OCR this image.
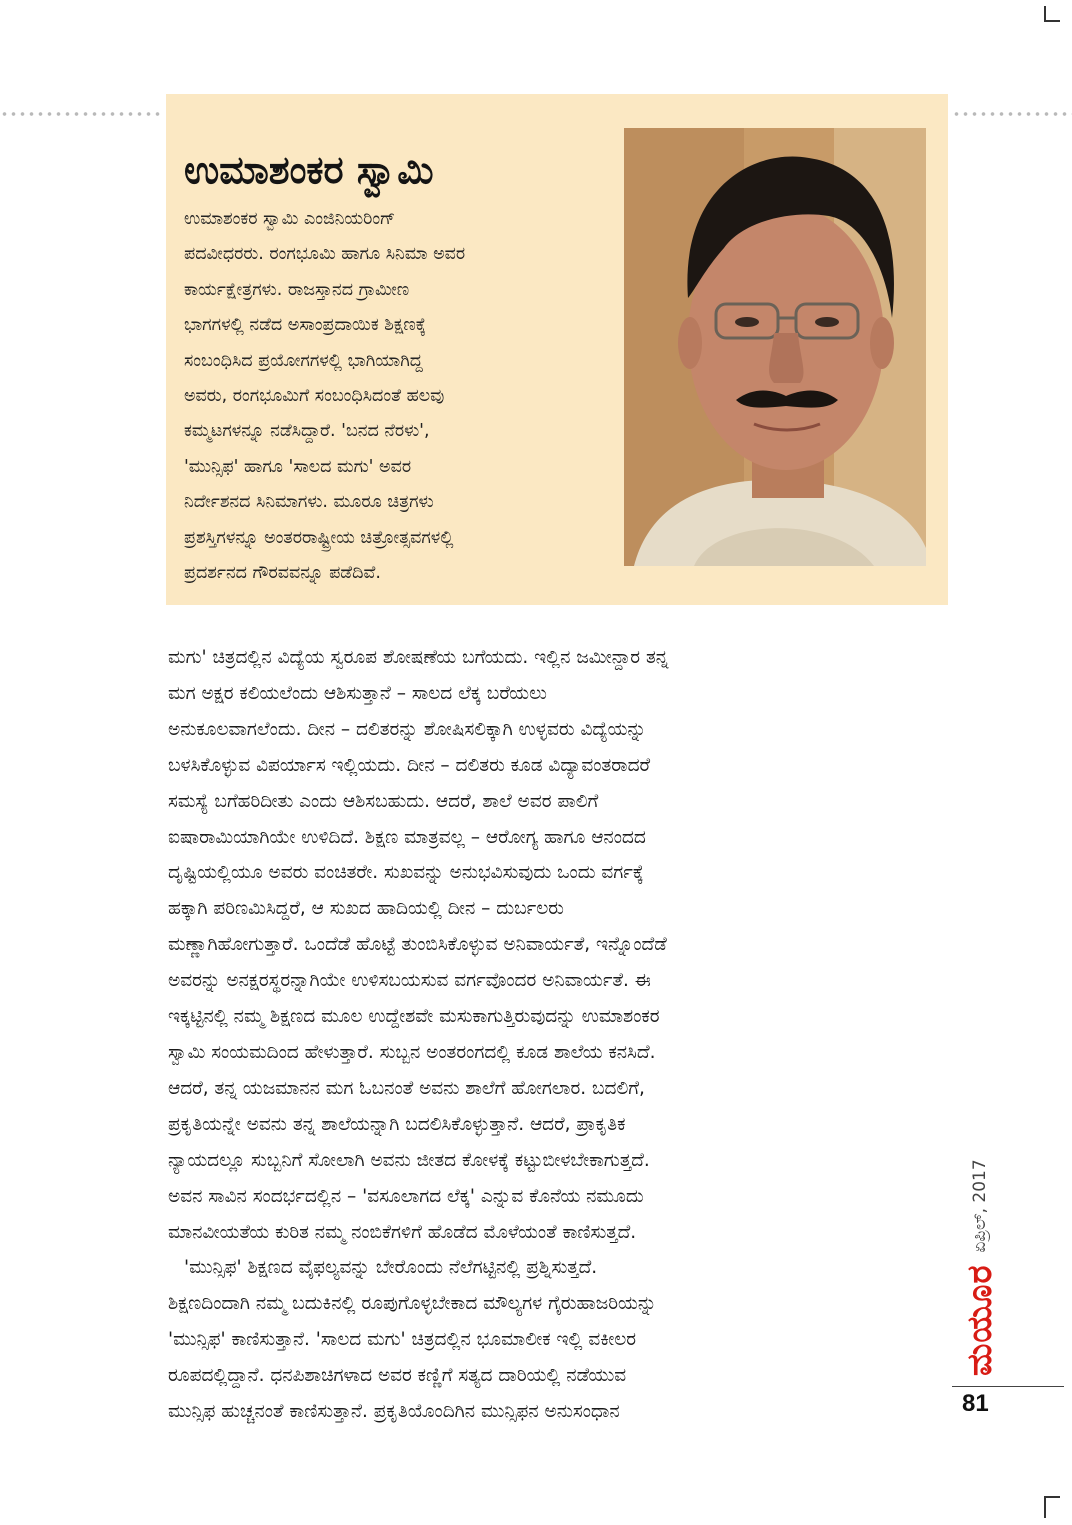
ಉಮಾಶಂಕರ ಸ್ವಾಮಿ

ಉಮಾಶಂಕರ ಸ್ವಾಮಿ ಎಂಜಿನಿಯರಿಂಗ್
ಪದವೀಧರರು. ರಂಗಭೂಮಿ ಹಾಗೂ ಸಿನಿಮಾ ಅವರ
ಕಾರ್ಯಕ್ಷೇತ್ರಗಳು. ರಾಜಸ್ತಾನದ ಗ್ರಾಮೀಣ
ಭಾಗಗಳಲ್ಲಿ ನಡೆದ ಅಸಾಂಪ್ರದಾಯಿಕ ಶಿಕ್ಷಣಕ್ಕೆ
ಸಂಬಂಧಿಸಿದ ಪ್ರಯೋಗಗಳಲ್ಲಿ ಭಾಗಿಯಾಗಿದ್ದ
ಅವರು, ರಂಗಭೂಮಿಗೆ ಸಂಬಂಧಿಸಿದಂತೆ ಹಲವು
ಕಮ್ಮಟಗಳನ್ನೂ ನಡೆಸಿದ್ದಾರೆ. 'ಬನದ ನೆರಳು',
'ಮುನ್ಸಿಫ' ಹಾಗೂ 'ಸಾಲದ ಮಗು' ಅವರ
ನಿರ್ದೇಶನದ ಸಿನಿಮಾಗಳು. ಮೂರೂ ಚಿತ್ರಗಳು
ಪ್ರಶಸ್ತಿಗಳನ್ನೂ ಅಂತರರಾಷ್ಟ್ರೀಯ ಚಿತ್ರೋತ್ಸವಗಳಲ್ಲಿ
ಪ್ರದರ್ಶನದ ಗೌರವವನ್ನೂ ಪಡೆದಿವೆ.

ಮಗು' ಚಿತ್ರದಲ್ಲಿನ ವಿದ್ಯೆಯ ಸ್ವರೂಪ ಶೋಷಣೆಯ ಬಗೆಯದು. ಇಲ್ಲಿನ ಜಮೀನ್ದಾರ ತನ್ನ
ಮಗ ಅಕ್ಷರ ಕಲಿಯಲೆಂದು ಆಶಿಸುತ್ತಾನೆ – ಸಾಲದ ಲೆಕ್ಕ ಬರೆಯಲು
ಅನುಕೂಲವಾಗಲೆಂದು. ದೀನ – ದಲಿತರನ್ನು ಶೋಷಿಸಲಿಕ್ಕಾಗಿ ಉಳ್ಳವರು ವಿದ್ಯೆಯನ್ನು
ಬಳಸಿಕೊಳ್ಳುವ ವಿಪರ್ಯಾಸ ಇಲ್ಲಿಯದು. ದೀನ – ದಲಿತರು ಕೂಡ ವಿದ್ಯಾವಂತರಾದರೆ
ಸಮಸ್ಯೆ ಬಗೆಹರಿದೀತು ಎಂದು ಆಶಿಸಬಹುದು. ಆದರೆ, ಶಾಲೆ ಅವರ ಪಾಲಿಗೆ
ಐಷಾರಾಮಿಯಾಗಿಯೇ ಉಳಿದಿದೆ. ಶಿಕ್ಷಣ ಮಾತ್ರವಲ್ಲ – ಆರೋಗ್ಯ ಹಾಗೂ ಆನಂದದ
ದೃಷ್ಟಿಯಲ್ಲಿಯೂ ಅವರು ವಂಚಿತರೇ. ಸುಖವನ್ನು ಅನುಭವಿಸುವುದು ಒಂದು ವರ್ಗಕ್ಕೆ
ಹಕ್ಕಾಗಿ ಪರಿಣಮಿಸಿದ್ದರೆ, ಆ ಸುಖದ ಹಾದಿಯಲ್ಲಿ ದೀನ – ದುರ್ಬಲರು
ಮಣ್ಣಾಗಿಹೋಗುತ್ತಾರೆ. ಒಂದೆಡೆ ಹೊಟ್ಟೆ ತುಂಬಿಸಿಕೊಳ್ಳುವ ಅನಿವಾರ್ಯತೆ, ಇನ್ನೊಂದೆಡೆ
ಅವರನ್ನು ಅನಕ್ಷರಸ್ಥರನ್ನಾಗಿಯೇ ಉಳಿಸಬಯಸುವ ವರ್ಗವೊಂದರ ಅನಿವಾರ್ಯತೆ. ಈ
ಇಕ್ಕಟ್ಟಿನಲ್ಲಿ ನಮ್ಮ ಶಿಕ್ಷಣದ ಮೂಲ ಉದ್ದೇಶವೇ ಮಸುಕಾಗುತ್ತಿರುವುದನ್ನು ಉಮಾಶಂಕರ
ಸ್ವಾಮಿ ಸಂಯಮದಿಂದ ಹೇಳುತ್ತಾರೆ. ಸುಬ್ಬನ ಅಂತರಂಗದಲ್ಲಿ ಕೂಡ ಶಾಲೆಯ ಕನಸಿದೆ.
ಆದರೆ, ತನ್ನ ಯಜಮಾನನ ಮಗ ಓಬನಂತೆ ಅವನು ಶಾಲೆಗೆ ಹೋಗಲಾರ. ಬದಲಿಗೆ,
ಪ್ರಕೃತಿಯನ್ನೇ ಅವನು ತನ್ನ ಶಾಲೆಯನ್ನಾಗಿ ಬದಲಿಸಿಕೊಳ್ಳುತ್ತಾನೆ. ಆದರೆ, ಪ್ರಾಕೃತಿಕ
ನ್ಯಾಯದಲ್ಲೂ ಸುಬ್ಬನಿಗೆ ಸೋಲಾಗಿ ಅವನು ಜೀತದ ಕೋಳಕ್ಕೆ ಕಟ್ಟುಬೀಳಬೇಕಾಗುತ್ತದೆ.
ಅವನ ಸಾವಿನ ಸಂದರ್ಭದಲ್ಲಿನ – 'ವಸೂಲಾಗದ ಲೆಕ್ಕ' ಎನ್ನುವ ಕೊನೆಯ ನಮೂದು
ಮಾನವೀಯತೆಯ ಕುರಿತ ನಮ್ಮ ನಂಬಿಕೆಗಳಿಗೆ ಹೊಡೆದ ಮೊಳೆಯಂತೆ ಕಾಣಿಸುತ್ತದೆ.
'ಮುನ್ಸಿಫ' ಶಿಕ್ಷಣದ ವೈಫಲ್ಯವನ್ನು ಬೇರೊಂದು ನೆಲೆಗಟ್ಟಿನಲ್ಲಿ ಪ್ರಶ್ನಿಸುತ್ತದೆ.
ಶಿಕ್ಷಣದಿಂದಾಗಿ ನಮ್ಮ ಬದುಕಿನಲ್ಲಿ ರೂಪುಗೊಳ್ಳಬೇಕಾದ ಮೌಲ್ಯಗಳ ಗೈರುಹಾಜರಿಯನ್ನು
'ಮುನ್ಸಿಫ' ಕಾಣಿಸುತ್ತಾನೆ. 'ಸಾಲದ ಮಗು' ಚಿತ್ರದಲ್ಲಿನ ಭೂಮಾಲೀಕ ಇಲ್ಲಿ ವಕೀಲರ
ರೂಪದಲ್ಲಿದ್ದಾನೆ. ಧನಪಿಶಾಚಿಗಳಾದ ಅವರ ಕಣ್ಣಿಗೆ ಸತ್ಯದ ದಾರಿಯಲ್ಲಿ ನಡೆಯುವ
ಮುನ್ಸಿಫ ಹುಚ್ಚನಂತೆ ಕಾಣಿಸುತ್ತಾನೆ. ಪ್ರಕೃತಿಯೊಂದಿಗಿನ ಮುನ್ಸಿಫನ ಅನುಸಂಧಾನ

ಮಯೂರ
ಏಪ್ರಿಲ್, 2017
81
